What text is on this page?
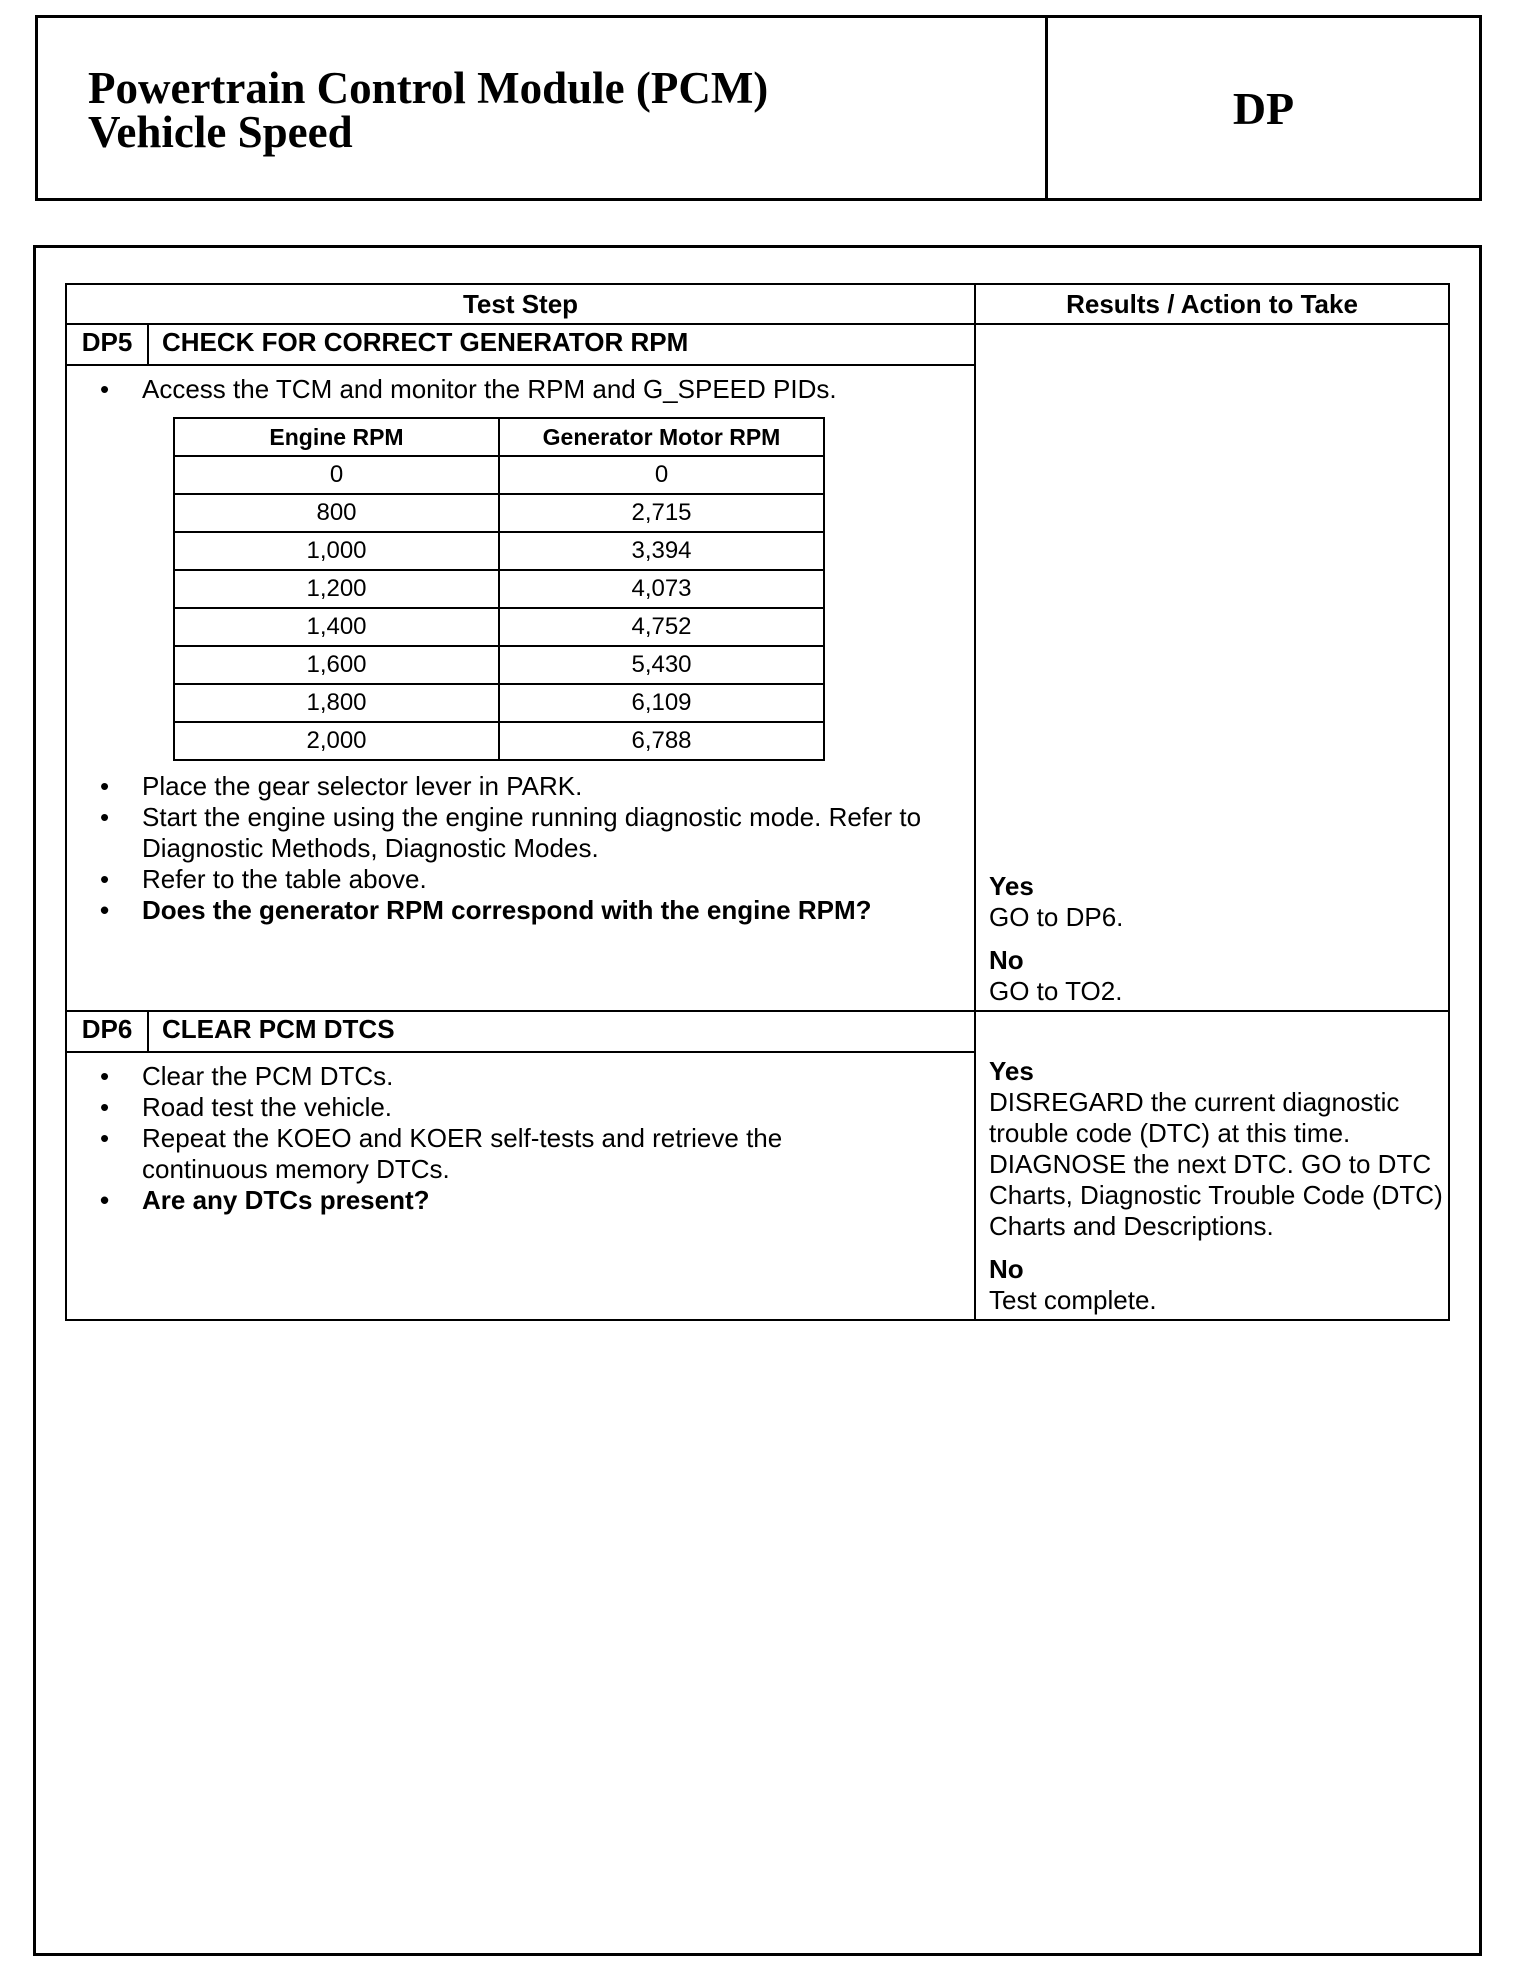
Powertrain Control Module (PCM)
Vehicle Speed	DP
Test Step	Results / Action to Take
DP5	CHECK FOR CORRECT GENERATOR RPM	
Yes
GO to DP6.
No
GO to TO2.

• Access the TCM and monitor the RPM and G_SPEED PIDs.
Engine RPM	Generator Motor RPM
0	0
800	2,715
1,000	3,394
1,200	4,073
1,400	4,752
1,600	5,430
1,800	6,109
2,000	6,788
• Place the gear selector lever in PARK.
• Start the engine using the engine running diagnostic mode. Refer to Diagnostic Methods, Diagnostic Modes.
• Refer to the table above.
• Does the generator RPM correspond with the engine RPM?

DP6	CLEAR PCM DTCS	
Yes
DISREGARD the current diagnostic trouble code (DTC) at this time. DIAGNOSE the next DTC. GO to DTC Charts, Diagnostic Trouble Code (DTC) Charts and Descriptions.
No
Test complete.

• Clear the PCM DTCs.
• Road test the vehicle.
• Repeat the KOEO and KOER self-tests and retrieve the continuous memory DTCs.
• Are any DTCs present?
